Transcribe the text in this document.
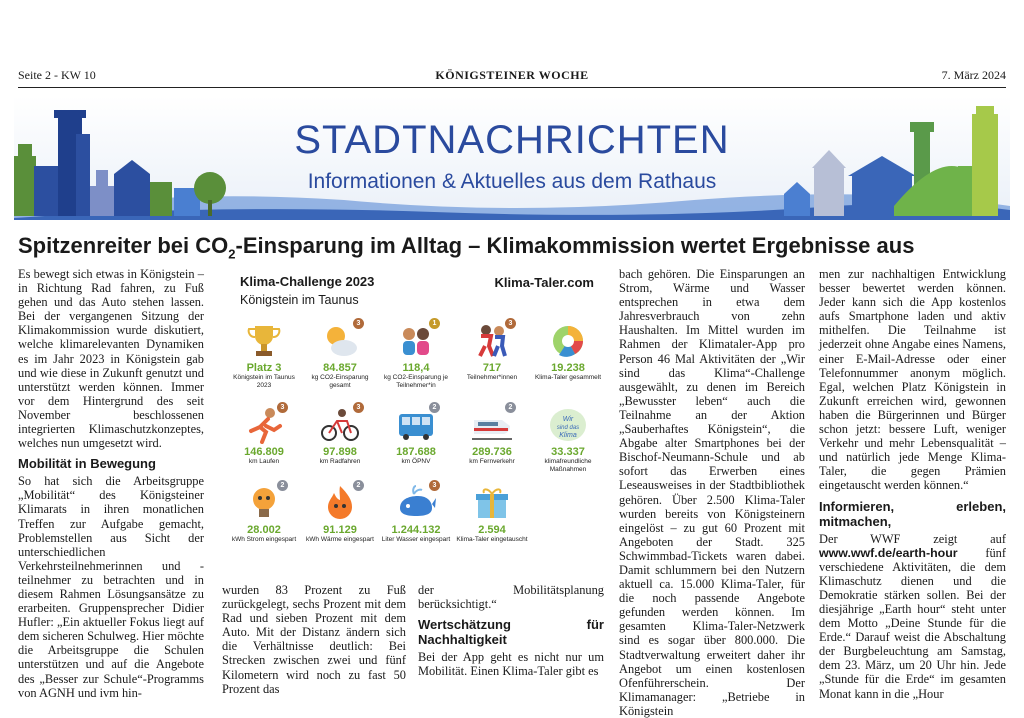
Seite 2 - KW 10	KÖNIGSTEINER WOCHE	7. März 2024
STADTNACHRICHTEN
Informationen & Aktuelles aus dem Rathaus
Spitzenreiter bei $CO_2$-Einsparung im Alltag – Klimakommission wertet Ergebnisse aus

Es bewegt sich etwas in Königstein – in Richtung Rad fahren, zu Fuß gehen und das Auto stehen lassen. Bei der vergangenen Sitzung der Klimakommission wurde diskutiert, welche klimarelevanten Dynamiken es im Jahr 2023 in Königstein gab und wie diese in Zukunft genutzt und unterstützt werden können. Immer vor dem Hintergrund des seit November beschlossenen integrierten Klimaschutzkonzeptes, welches nun umgesetzt wird.

Mobilität in Bewegung

So hat sich die Arbeitsgruppe „Mobilität“ des Königsteiner Klimarats in ihren monatlichen Treffen zur Aufgabe gemacht, Problemstellen aus Sicht der unterschiedlichen Verkehrsteilnehmerinnen und -teilnehmer zu betrachten und in diesem Rahmen Lösungsansätze zu erarbeiten. Gruppensprecher Didier Hufler: „Ein aktueller Fokus liegt auf dem sicheren Schulweg. Hier möchte die Arbeitsgruppe die Schulen unterstützen und auf die Angebote des „Besser zur Schule“-Programms von AGNH und ivm hin-

Klima-Challenge 2023
Königstein im Taunus
Klima-Taler.com
Platz 3
Königstein im Taunus 2023
3
84.857
kg CO2-Einsparung gesamt
1
118,4
kg CO2-Einsparung je Teilnehmer*in
3
717
Teilnehmer*innen
19.238
Klima-Taler gesammelt
3
146.809
km Laufen
3
97.898
km Radfahren
2
187.688
km ÖPNV
2
289.736
km Fernverkehr
Wir
sind das
Klima
33.337
klimafreundliche Maßnahmen
2
28.002
kWh Strom eingespart
2
91.129
kWh Wärme eingespart
3
1.244.132
Liter Wasser eingespart
2.594
Klima-Taler eingetauscht

wurden 83 Prozent zu Fuß zurückgelegt, sechs Prozent mit dem Rad und sieben Prozent mit dem Auto. Mit der Distanz ändern sich die Verhältnisse deutlich: Bei Strecken zwischen zwei und fünf Kilometern wird noch zu fast 50 Prozent das

der Mobilitätsplanung berücksichtigt.“

Wertschätzung für Nachhaltigkeit

Bei der App geht es nicht nur um Mobilität. Einen Klima-Taler gibt es

bach gehören. Die Einsparungen an Strom, Wärme und Wasser entsprechen in etwa dem Jahresverbrauch von zehn Haushalten. Im Mittel wurden im Rahmen der Klimataler-App pro Person 46 Mal Aktivitäten der „Wir sind das Klima“-Challenge ausgewählt, zu denen im Bereich „Bewusster leben“ auch die Teilnahme an der Aktion „Sauberhaftes Königstein“, die Abgabe alter Smartphones bei der Bischof-Neumann-Schule und ab sofort das Erwerben eines Leseausweises in der Stadtbibliothek gehören. Über 2.500 Klima-Taler wurden bereits von Königsteinern eingelöst – zu gut 60 Prozent mit Angeboten der Stadt. 325 Schwimmbad-Tickets waren dabei. Damit schlummern bei den Nutzern aktuell ca. 15.000 Klima-Taler, für die noch passende Angebote gefunden werden können. Im gesamten Klima-Taler-Netzwerk sind es sogar über 800.000. Die Stadtverwaltung erweitert daher ihr Angebot um einen kostenlosen Ofenführerschein. Der Klimamanager: „Betriebe in Königstein

men zur nachhaltigen Entwicklung besser bewertet werden können. Jeder kann sich die App kostenlos aufs Smartphone laden und aktiv mithelfen. Die Teilnahme ist jederzeit ohne Angabe eines Namens, einer E-Mail-Adresse oder einer Telefonnummer anonym möglich. Egal, welchen Platz Königstein in Zukunft erreichen wird, gewonnen haben die Bürgerinnen und Bürger schon jetzt: bessere Luft, weniger Verkehr und mehr Lebensqualität – und natürlich jede Menge Klima-Taler, die gegen Prämien eingetauscht werden können.“

Informieren, erleben, mitmachen,

Der WWF zeigt auf www.wwf.de/earth-hour fünf verschiedene Aktivitäten, die dem Klimaschutz dienen und die Demokratie stärken sollen. Bei der diesjährige „Earth hour“ steht unter dem Motto „Deine Stunde für die Erde.“ Darauf weist die Abschaltung der Burgbeleuchtung am Samstag, dem 23. März, um 20 Uhr hin. Jede „Stunde für die Erde“ im gesamten Monat kann in die „Hour
